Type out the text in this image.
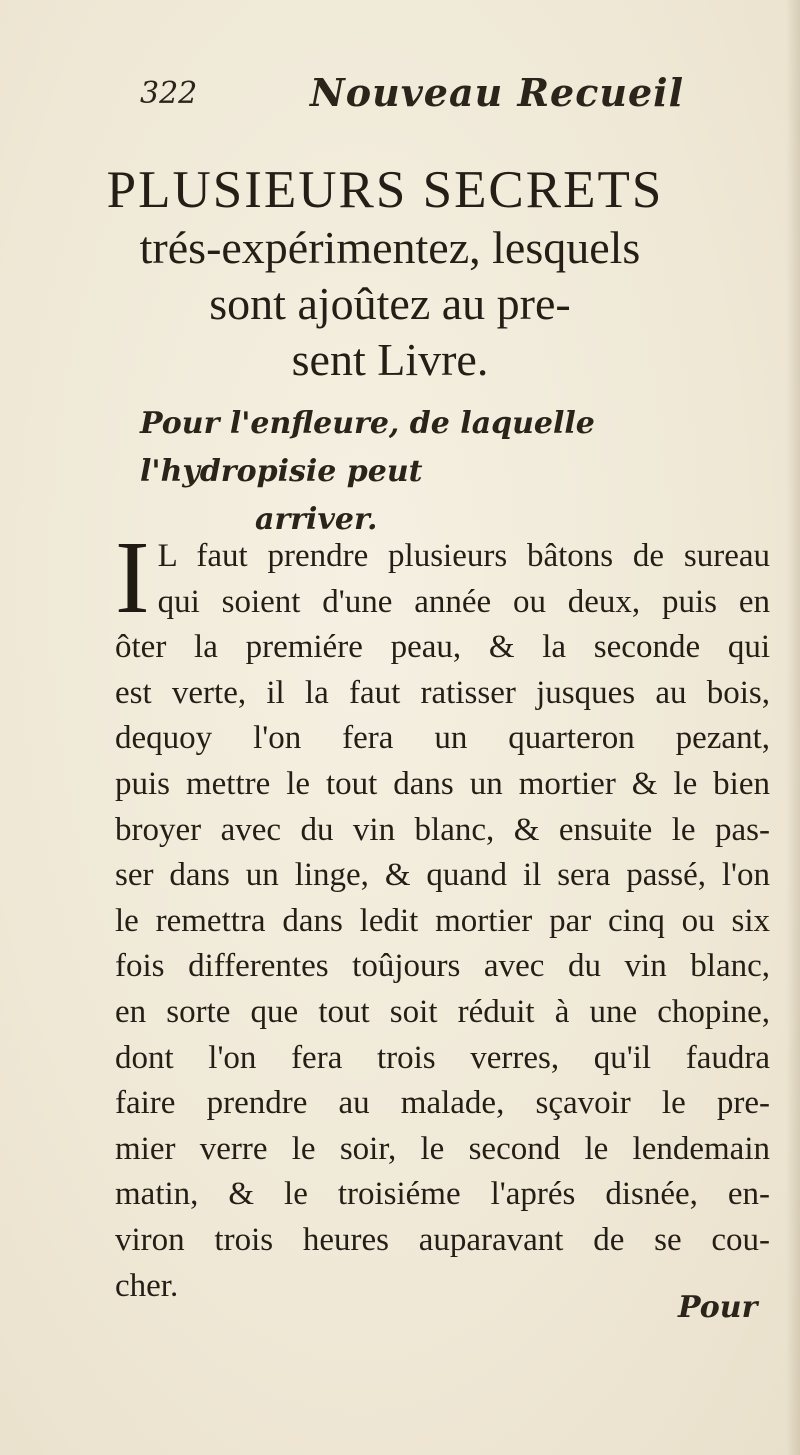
322	Nouveau Recueil
PLUSIEURS SECRETS
trés-expérimentez, lesquels
sont ajoûtez au pre-
sent Livre.
Pour l'enfleure, de laquelle l'hydropisie peut
arriver.
I L faut prendre plusieurs bâtons de sureau
qui soient d'une année ou deux, puis en
ôter la premiére peau, & la seconde qui
est verte, il la faut ratisser jusques au bois,
dequoy l'on fera un quarteron pezant,
puis mettre le tout dans un mortier & le bien
broyer avec du vin blanc, & ensuite le pas-
ser dans un linge, & quand il sera passé, l'on
le remettra dans ledit mortier par cinq ou six
fois differentes toûjours avec du vin blanc,
en sorte que tout soit réduit à une chopine,
dont l'on fera trois verres, qu'il faudra
faire prendre au malade, sçavoir le pre-
mier verre le soir, le second le lendemain
matin, & le troisiéme l'aprés disnée, en-
viron trois heures auparavant de se cou-
cher.
Pour
